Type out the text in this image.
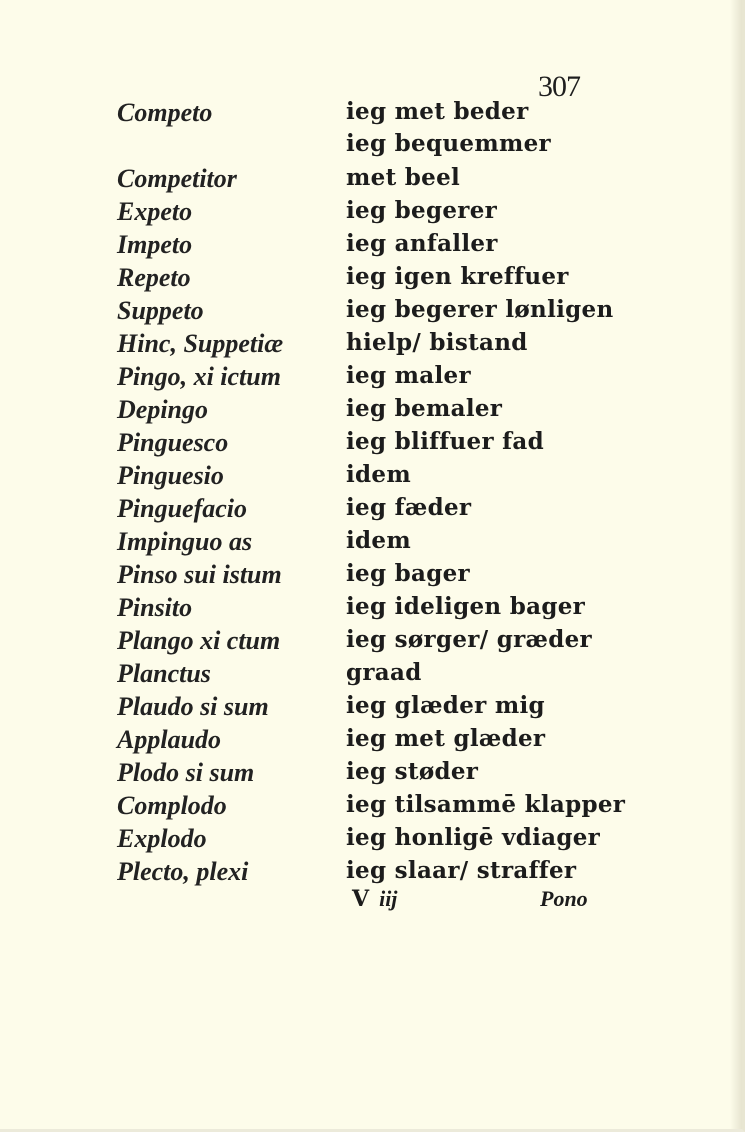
307
Competo	ieg met beder
ieg bequemmer
Competitor	met beel
Expeto	ieg begerer
Impeto	ieg anfaller
Repeto	ieg igen kreffuer
Suppeto	ieg begerer lønligen
Hinc, Suppetiæ	hielp/ bistand
Pingo, xi ictum	ieg maler
Depingo	ieg bemaler
Pinguesco	ieg bliffuer fad
Pinguesio	idem
Pinguefacio	ieg fæder
Impinguo as	idem
Pinso sui istum	ieg bager
Pinsito	ieg ideligen bager
Plango xi ctum	ieg sørger/ græder
Planctus	graad
Plaudo si sum	ieg glæder mig
Applaudo	ieg met glæder
Plodo si sum	ieg støder
Complodo	ieg tilsammē klapper
Explodo	ieg honligē vdiager
Plecto, plexi	ieg slaar/ straffer
V iij	Pono
